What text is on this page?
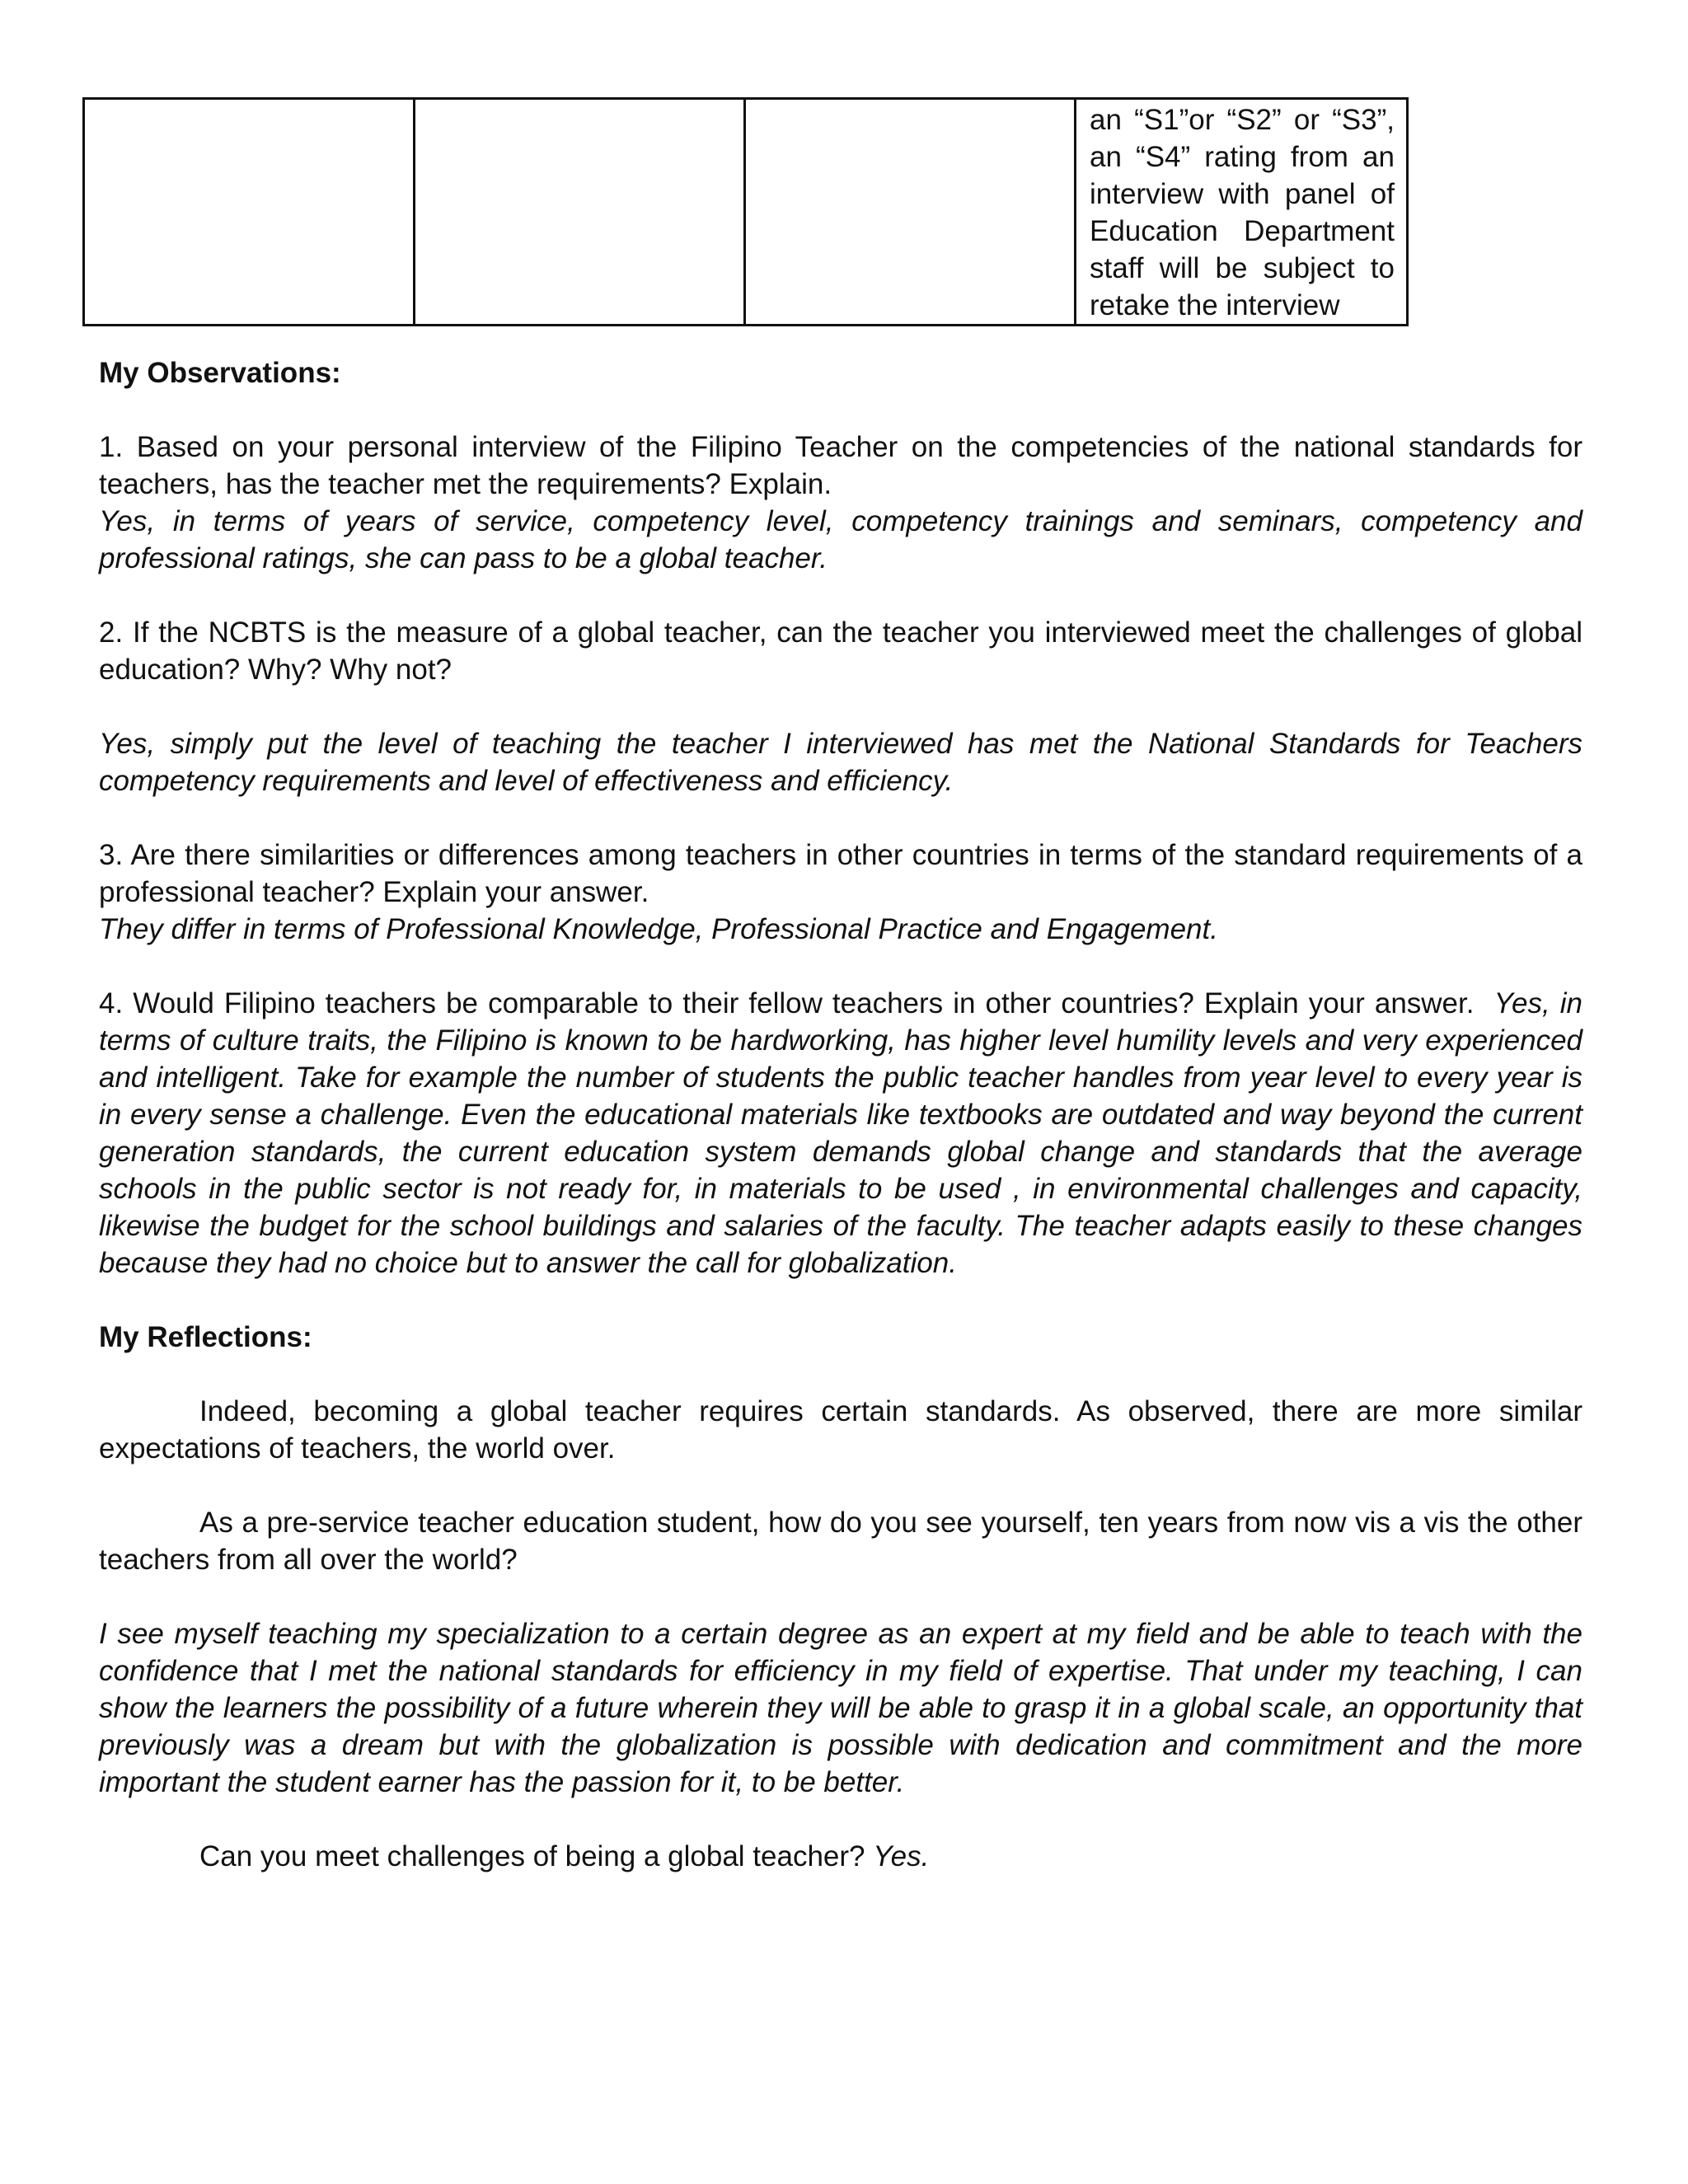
an “S1”or “S2” or “S3”,
an “S4” rating from an
interview with panel of
Education Department
staff will be subject to
retake the interview

My Observations:

1. Based on your personal interview of the Filipino Teacher on the competencies of the national standards for teachers, has the teacher met the requirements? Explain.

Yes, in terms of years of service, competency level, competency trainings and seminars, competency and professional ratings, she can pass to be a global teacher.

2. If the NCBTS is the measure of a global teacher, can the teacher you interviewed meet the challenges of global education? Why? Why not?

Yes, simply put the level of teaching the teacher I interviewed has met the National Standards for Teachers competency requirements and level of effectiveness and efficiency.

3. Are there similarities or differences among teachers in other countries in terms of the standard requirements of a professional teacher? Explain your answer.

They differ in terms of Professional Knowledge, Professional Practice and Engagement.

4. Would Filipino teachers be comparable to their fellow teachers in other countries? Explain your answer. Yes, in terms of culture traits, the Filipino is known to be hardworking, has higher level humility levels and very experienced and intelligent. Take for example the number of students the public teacher handles from year level to every year is in every sense a challenge. Even the educational materials like textbooks are outdated and way beyond the current generation standards, the current education system demands global change and standards that the average schools in the public sector is not ready for, in materials to be used , in environmental challenges and capacity, likewise the budget for the school buildings and salaries of the faculty. The teacher adapts easily to these changes because they had no choice but to answer the call for globalization.

My Reflections:

Indeed, becoming a global teacher requires certain standards. As observed, there are more similar expectations of teachers, the world over.

As a pre-service teacher education student, how do you see yourself, ten years from now vis a vis the other teachers from all over the world?

I see myself teaching my specialization to a certain degree as an expert at my field and be able to teach with the confidence that I met the national standards for efficiency in my field of expertise. That under my teaching, I can show the learners the possibility of a future wherein they will be able to grasp it in a global scale, an opportunity that previously was a dream but with the globalization is possible with dedication and commitment and the more important the student earner has the passion for it, to be better.

Can you meet challenges of being a global teacher? Yes.
